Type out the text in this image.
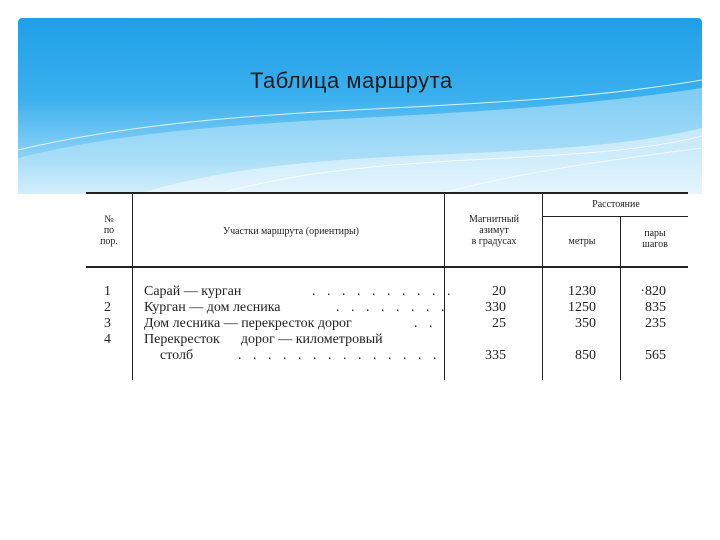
Таблица маршрута
№
по
пор.
Участки маршрута (ориентиры)
Магнитный
азимут
в градусах
Расстояние
метры
пары
шагов
1 Сарай — курган	. . . . . . . . . .	20	1230	·820
2 Курган — дом лесника	. . . . . . . .	330	1250	835
3 Дом лесника — перекресток дорог	. .	25	350	235
4 Перекресток      дорог — километровый
столб	. . . . . . . . . . . . . .	335	850	565
